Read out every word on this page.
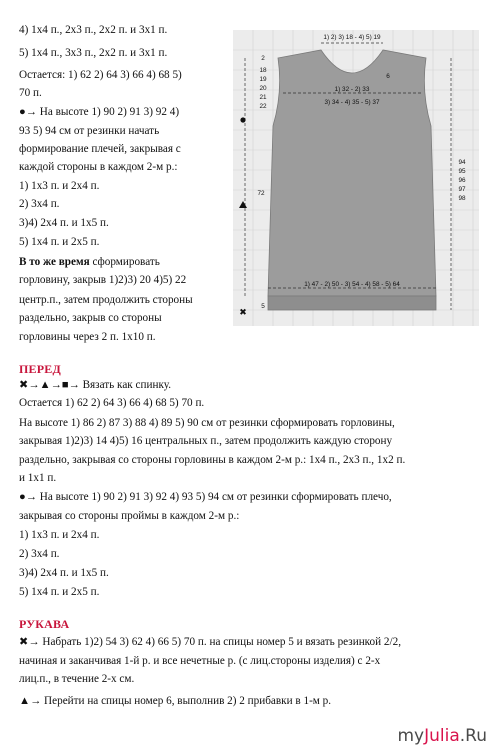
4) 1х4 п., 2х3 п., 2х2 п. и 3х1 п.
5) 1х4 п., 3х3 п., 2х2 п. и 3х1 п.
Остается: 1) 62 2) 64 3) 66 4) 68 5)
70 п.
●→ На высоте 1) 90 2) 91 3) 92 4)
93 5) 94 см от резинки начать
формирование плечей, закрывая с
каждой стороны в каждом 2-м р.:
1) 1х3 п. и 2х4 п.
2) 3х4 п.
3)4) 2х4 п. и 1х5 п.
5) 1х4 п. и 2х5 п.
В то же время сформировать
горловину, закрыв 1)2)3) 20 4)5) 22
центр.п., затем продолжить стороны
раздельно, закрыв со стороны
горловины через 2 п. 1х10 п.
1) 2) 3) 18 - 4) 5) 19
2
18
19
20
21
22
6
1) 32 - 2) 33
3) 34 - 4) 35 - 5) 37
72
94
95
96
97
98
1) 47 - 2) 50 - 3) 54 - 4) 58 - 5) 64
5
✖
ПЕРЕД
✖→▲→■→ Вязать как спинку.
Остается 1) 62 2) 64 3) 66 4) 68 5) 70 п.
На высоте 1) 86 2) 87 3) 88 4) 89 5) 90 см от резинки сформировать горловины,
закрывая 1)2)3) 14 4)5) 16 центральных п., затем продолжить каждую сторону
раздельно, закрывая со стороны горловины в каждом 2-м р.: 1х4 п., 2х3 п., 1х2 п.
и 1х1 п.
●→ На высоте 1) 90 2) 91 3) 92 4) 93 5) 94 см от резинки сформировать плечо,
закрывая со стороны проймы в каждом 2-м р.:
1) 1х3 п. и 2х4 п.
2) 3х4 п.
3)4) 2х4 п. и 1х5 п.
5) 1х4 п. и 2х5 п.
РУКАВА
✖→ Набрать 1)2) 54 3) 62 4) 66 5) 70 п. на спицы номер 5 и вязать резинкой 2/2,
начиная и заканчивая 1-й р. и все нечетные р. (с лиц.стороны изделия) с 2-х
лиц.п., в течение 2-х см.
▲→ Перейти на спицы номер 6, выполнив 2) 2 прибавки в 1-м р.
myJulia.Ru
